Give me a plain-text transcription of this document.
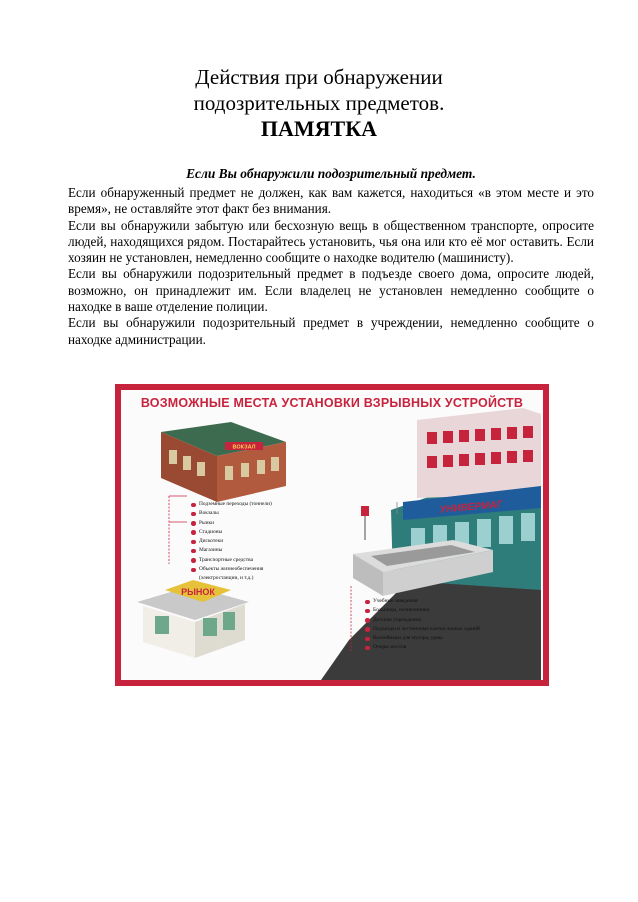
Действия при обнаружении
подозрительных предметов.
ПАМЯТКА
Если Вы обнаружили подозрительный предмет.

Если обнаруженный предмет не должен, как вам кажется, находиться «в этом месте и это время», не оставляйте этот факт без внимания.

Если вы обнаружили забытую или бесхозную вещь в общественном транспорте, опросите людей, находящихся рядом. Постарайтесь установить, чья она или кто её мог оставить. Если хозяин не установлен, немедленно сообщите о находке водителю (машинисту).

Если вы обнаружили подозрительный предмет в подъезде своего дома, опросите людей, возможно, он принадлежит им. Если владелец не установлен немедленно сообщите о находке в ваше отделение полиции.

Если вы обнаружили подозрительный предмет в учреждении, немедленно сообщите о находке администрации.

ВОКЗАЛ
РЫНОК
УНИВЕРМАГ
ВОЗМОЖНЫЕ МЕСТА УСТАНОВКИ ВЗРЫВНЫХ УСТРОЙСТВ
Подземные переходы (тоннели)
Вокзалы
Рынки
Стадионы
Дискотеки
Магазины
Транспортные средства
Объекты жизнеобеспечения
(электростанции, и т.д.)
Учебные заведения
Больницы, поликлиники
Детские учреждения
Подъезды и лестничные клетки жилых зданий
Контейнеры для мусора, урны
Опоры мостов
